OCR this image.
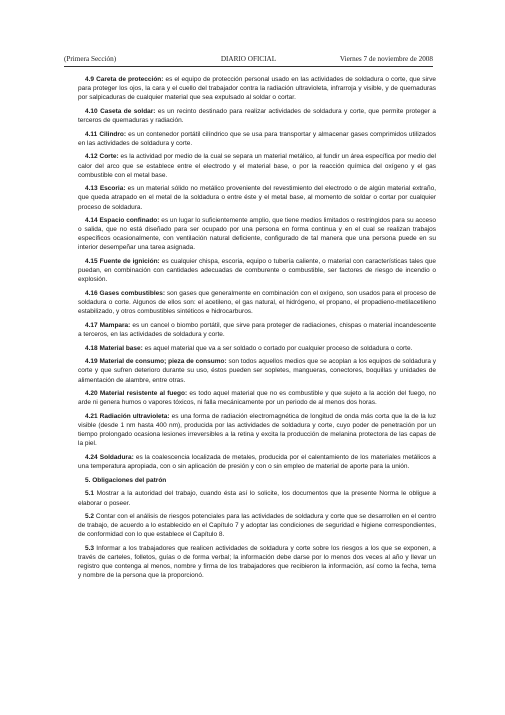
(Primera Sección)	DIARIO OFICIAL	Viernes 7 de noviembre de 2008

4.9 Careta de protección: es el equipo de protección personal usado en las actividades de soldadura o corte, que sirve para proteger los ojos, la cara y el cuello del trabajador contra la radiación ultravioleta, infrarroja y visible, y de quemaduras por salpicaduras de cualquier material que sea expulsado al soldar o cortar.

4.10 Caseta de soldar: es un recinto destinado para realizar actividades de soldadura y corte, que permite proteger a terceros de quemaduras y radiación.

4.11 Cilindro: es un contenedor portátil cilíndrico que se usa para transportar y almacenar gases comprimidos utilizados en las actividades de soldadura y corte.

4.12 Corte: es la actividad por medio de la cual se separa un material metálico, al fundir un área específica por medio del calor del arco que se establece entre el electrodo y el material base, o por la reacción química del oxígeno y el gas combustible con el metal base.

4.13 Escoria: es un material sólido no metálico proveniente del revestimiento del electrodo o de algún material extraño, que queda atrapado en el metal de la soldadura o entre éste y el metal base, al momento de soldar o cortar por cualquier proceso de soldadura.

4.14 Espacio confinado: es un lugar lo suficientemente amplio, que tiene medios limitados o restringidos para su acceso o salida, que no está diseñado para ser ocupado por una persona en forma continua y en el cual se realizan trabajos específicos ocasionalmente, con ventilación natural deficiente, configurado de tal manera que una persona puede en su interior desempeñar una tarea asignada.

4.15 Fuente de ignición: es cualquier chispa, escoria, equipo o tubería caliente, o material con características tales que puedan, en combinación con cantidades adecuadas de comburente o combustible, ser factores de riesgo de incendio o explosión.

4.16 Gases combustibles: son gases que generalmente en combinación con el oxígeno, son usados para el proceso de soldadura o corte. Algunos de ellos son: el acetileno, el gas natural, el hidrógeno, el propano, el propadieno-metilacetileno estabilizado, y otros combustibles sintéticos e hidrocarburos.

4.17 Mampara: es un cancel o biombo portátil, que sirve para proteger de radiaciones, chispas o material incandescente a terceros, en las actividades de soldadura y corte.

4.18 Material base: es aquel material que va a ser soldado o cortado por cualquier proceso de soldadura o corte.

4.19 Material de consumo; pieza de consumo: son todos aquellos medios que se acoplan a los equipos de soldadura y corte y que sufren deterioro durante su uso, éstos pueden ser sopletes, mangueras, conectores, boquillas y unidades de alimentación de alambre, entre otras.

4.20 Material resistente al fuego: es todo aquel material que no es combustible y que sujeto a la acción del fuego, no arde ni genera humos o vapores tóxicos, ni falla mecánicamente por un periodo de al menos dos horas.

4.21 Radiación ultravioleta: es una forma de radiación electromagnética de longitud de onda más corta que la de la luz visible (desde 1 nm hasta 400 nm), producida por las actividades de soldadura y corte, cuyo poder de penetración por un tiempo prolongado ocasiona lesiones irreversibles a la retina y excita la producción de melanina protectora de las capas de la piel.

4.24 Soldadura: es la coalescencia localizada de metales, producida por el calentamiento de los materiales metálicos a una temperatura apropiada, con o sin aplicación de presión y con o sin empleo de material de aporte para la unión.

5. Obligaciones del patrón

5.1 Mostrar a la autoridad del trabajo, cuando ésta así lo solicite, los documentos que la presente Norma le obligue a elaborar o poseer.

5.2 Contar con el análisis de riesgos potenciales para las actividades de soldadura y corte que se desarrollen en el centro de trabajo, de acuerdo a lo establecido en el Capítulo 7 y adoptar las condiciones de seguridad e higiene correspondientes, de conformidad con lo que establece el Capítulo 8.

5.3 Informar a los trabajadores que realicen actividades de soldadura y corte sobre los riesgos a los que se exponen, a través de carteles, folletos, guías o de forma verbal; la información debe darse por lo menos dos veces al año y llevar un registro que contenga al menos, nombre y firma de los trabajadores que recibieron la información, así como la fecha, tema y nombre de la persona que la proporcionó.
